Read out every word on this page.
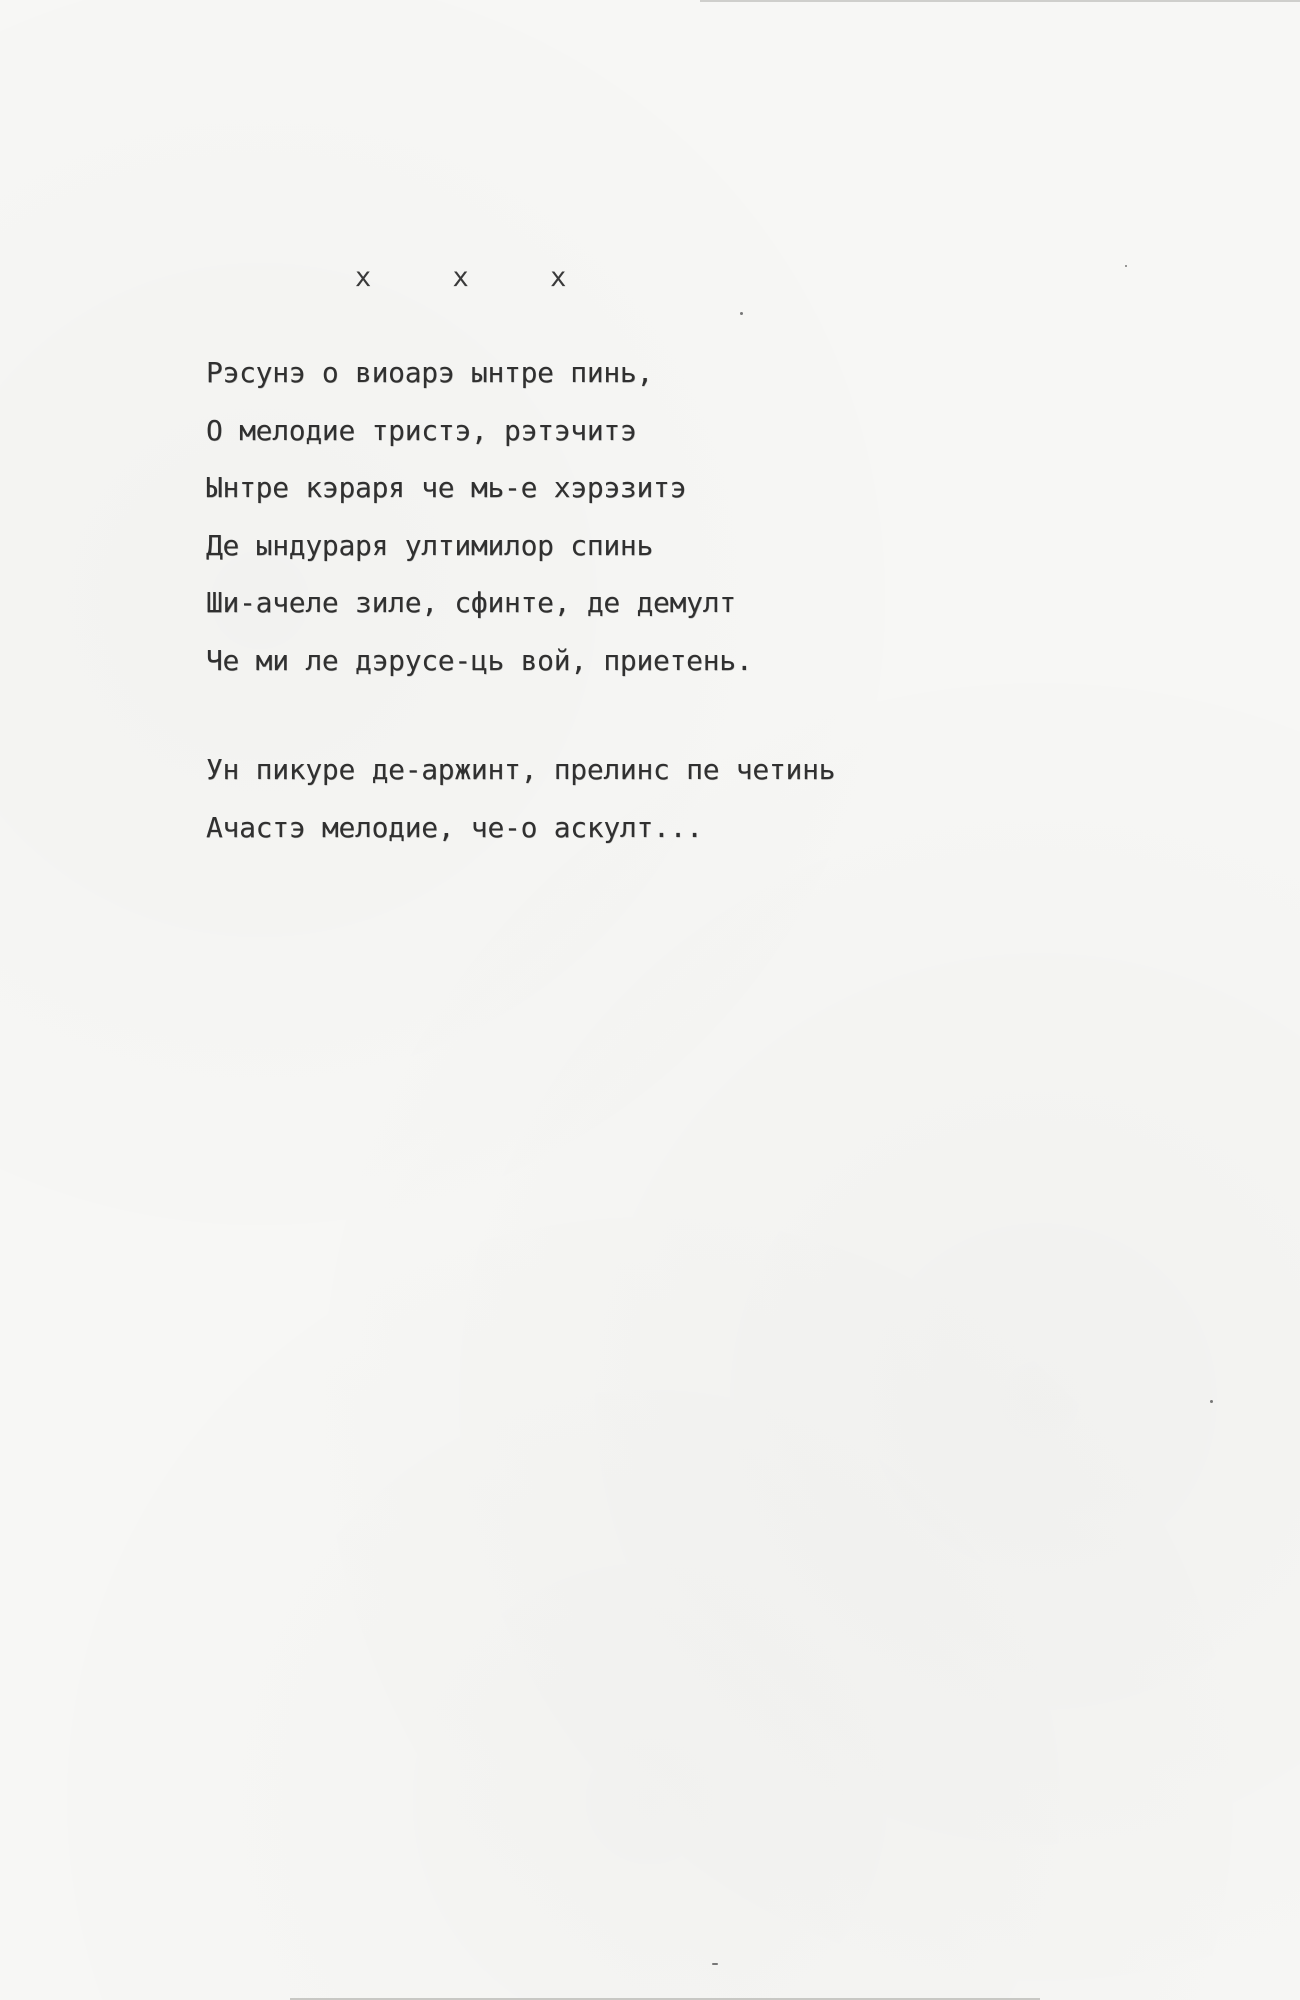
x     x     x
Рэсунэ о виоарэ ынтре пинь,
О мелодие тристэ, рэтэчитэ
Ынтре кэраря че мь-е хэрэзитэ
Де ындураря ултимилор спинь
Ши-ачеле зиле, сфинте, де демулт
Че ми ле дэрусе-ць вой, приетень.
Ун пикуре де-аржинт, прелинс пе четинь
Ачастэ мелодие, че-о аскулт...
